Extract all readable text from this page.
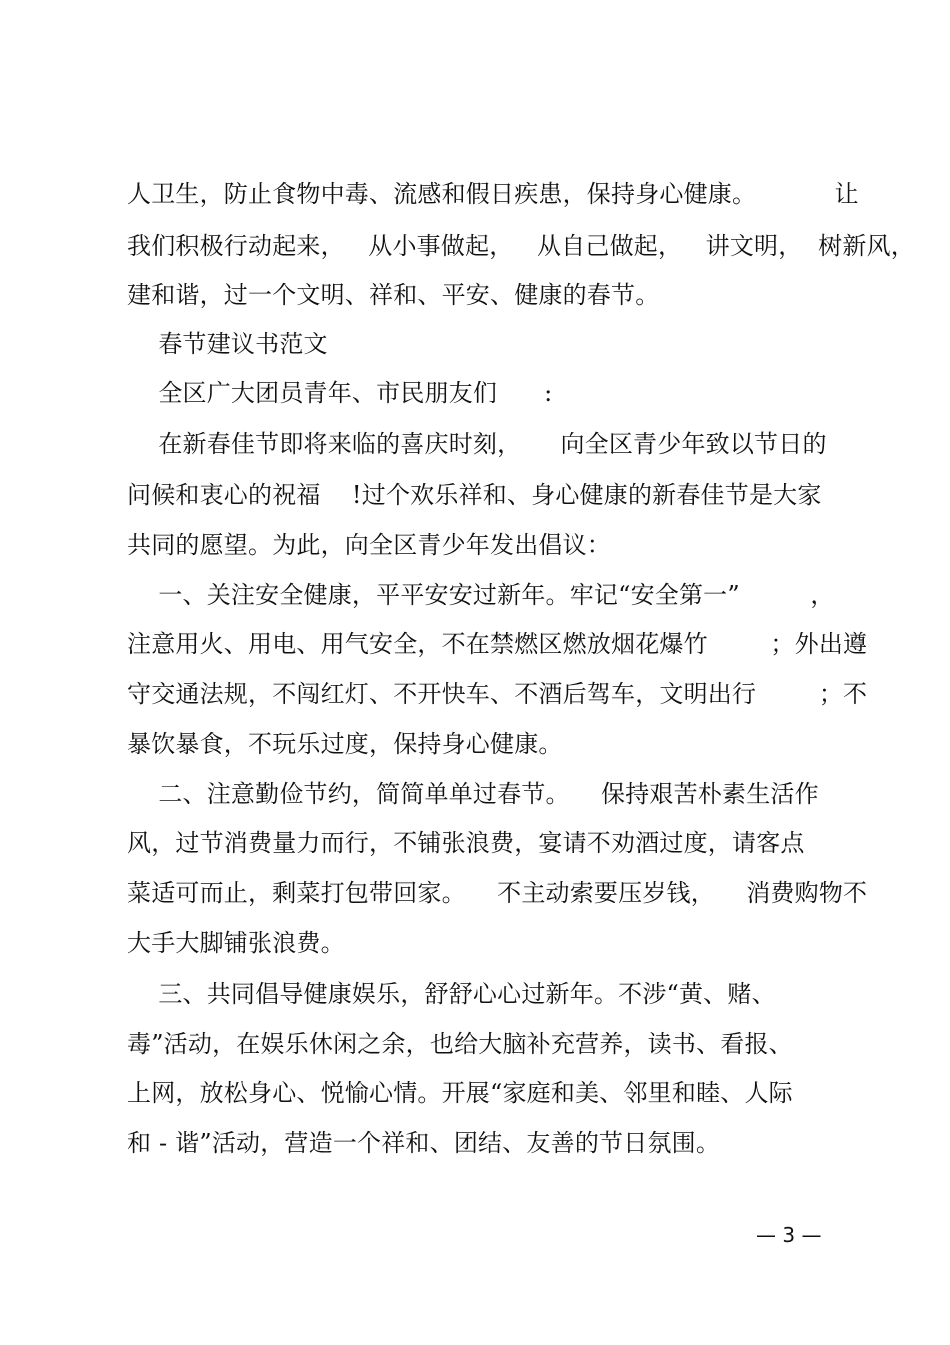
人卫生，防止食物中毒、流感和假日疾患，保持身心健康。          让
我们积极行动起来，   从小事做起，   从自己做起，   讲文明，  树新风，
建和谐，过一个文明、祥和、平安、健康的春节。
春节建议书范文
全区广大团员青年、市民朋友们      :
在新春佳节即将来临的喜庆时刻，     向全区青少年致以节日的
问候和衷心的祝福    !过个欢乐祥和、身心健康的新春佳节是大家
共同的愿望。为此，向全区青少年发出倡议：
一、关注安全健康，平平安安过新年。牢记“安全第一”         ，
注意用火、用电、用气安全，不在禁燃区燃放烟花爆竹        ；外出遵
守交通法规，不闯红灯、不开快车、不酒后驾车，文明出行        ；不
暴饮暴食，不玩乐过度，保持身心健康。
二、注意勤俭节约，简简单单过春节。    保持艰苦朴素生活作
风，过节消费量力而行，不铺张浪费，宴请不劝酒过度，请客点
菜适可而止，剩菜打包带回家。    不主动索要压岁钱，    消费购物不
大手大脚铺张浪费。
三、共同倡导健康娱乐，舒舒心心过新年。不涉“黄、赌、
毒”活动，在娱乐休闲之余，也给大脑补充营养，读书、看报、
上网，放松身心、悦愉心情。开展“家庭和美、邻里和睦、人际
和 - 谐”活动，营造一个祥和、团结、友善的节日氛围。
— 3 —
